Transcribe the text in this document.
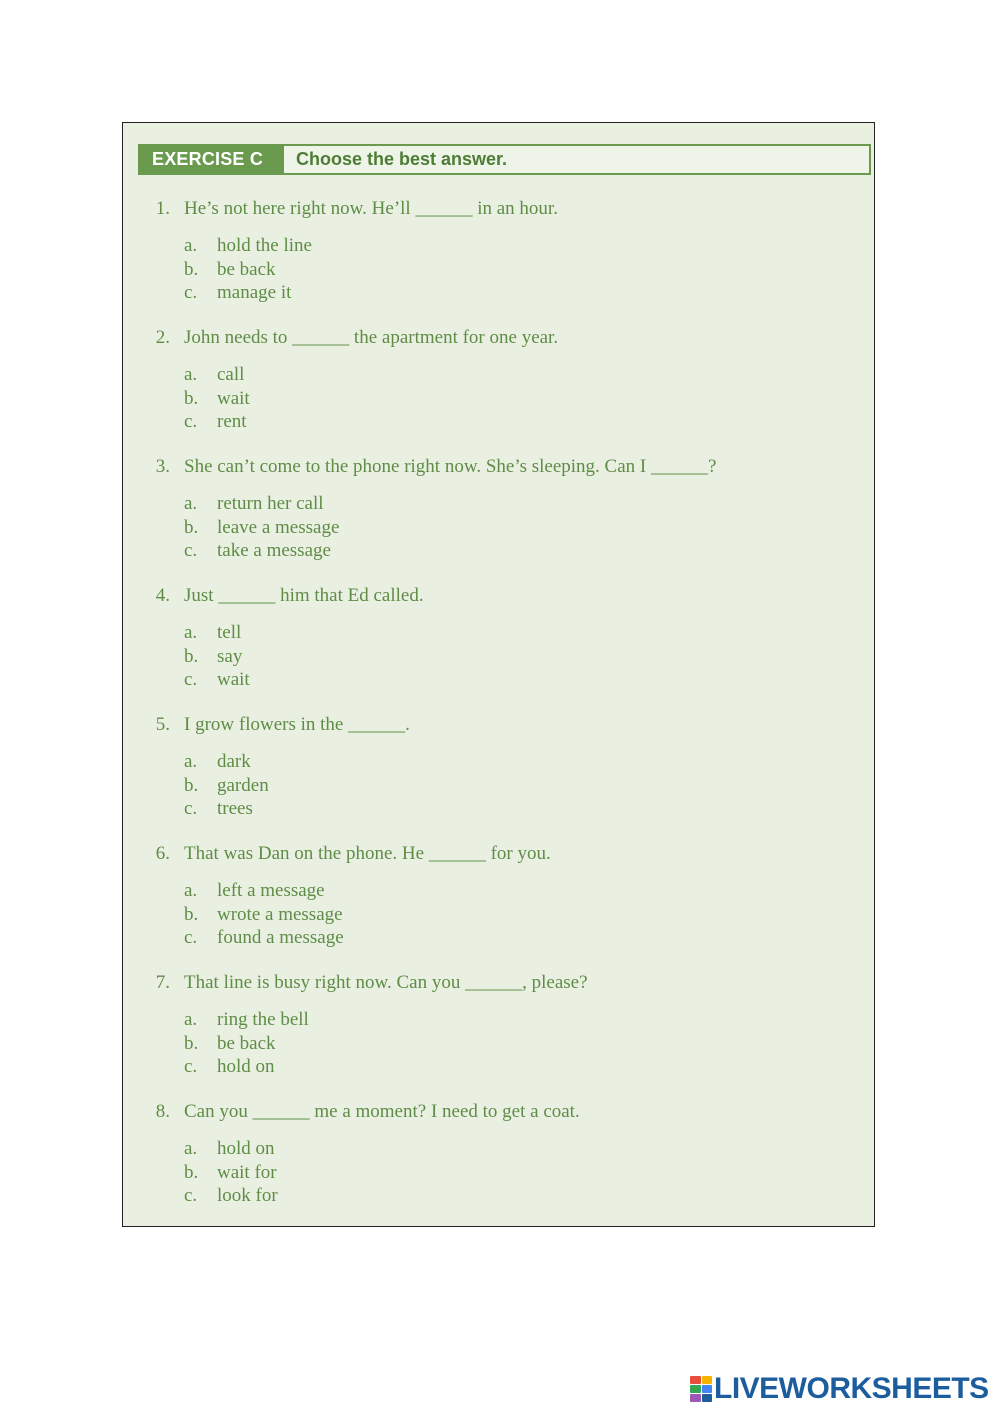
EXERCISE C	Choose the best answer.
1. He’s not here right now. He’ll ______ in an hour.
a. hold the line
b. be back
c. manage it
2. John needs to ______ the apartment for one year.
a. call
b. wait
c. rent
3. She can’t come to the phone right now. She’s sleeping. Can I ______?
a. return her call
b. leave a message
c. take a message
4. Just ______ him that Ed called.
a. tell
b. say
c. wait
5. I grow flowers in the ______.
a. dark
b. garden
c. trees
6. That was Dan on the phone. He ______ for you.
a. left a message
b. wrote a message
c. found a message
7. That line is busy right now. Can you ______, please?
a. ring the bell
b. be back
c. hold on
8. Can you ______ me a moment? I need to get a coat.
a. hold on
b. wait for
c. look for
LIVEWORKSHEETS
